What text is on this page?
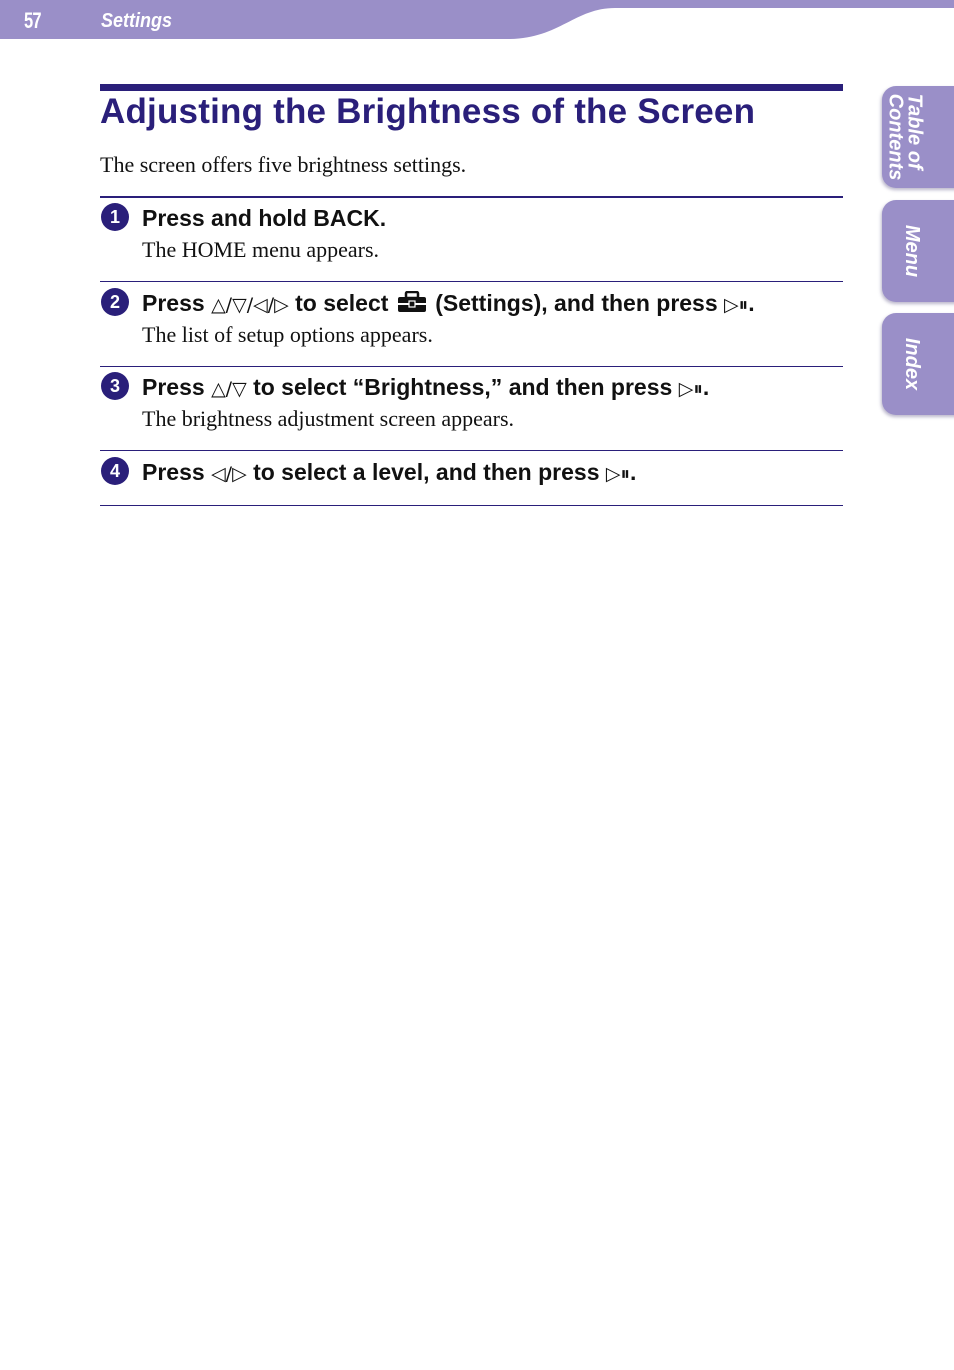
57	Settings
Table of
Contents
Menu
Index
Adjusting the Brightness of the Screen
The screen offers five brightness settings.
1 Press and hold BACK.
The HOME menu appears.
2 Press △/▽/◁/▷ to select  (Settings), and then press ▷⏸.
The list of setup options appears.
3 Press △/▽ to select “Brightness,” and then press ▷⏸.
The brightness adjustment screen appears.
4 Press ◁/▷ to select a level, and then press ▷⏸.
